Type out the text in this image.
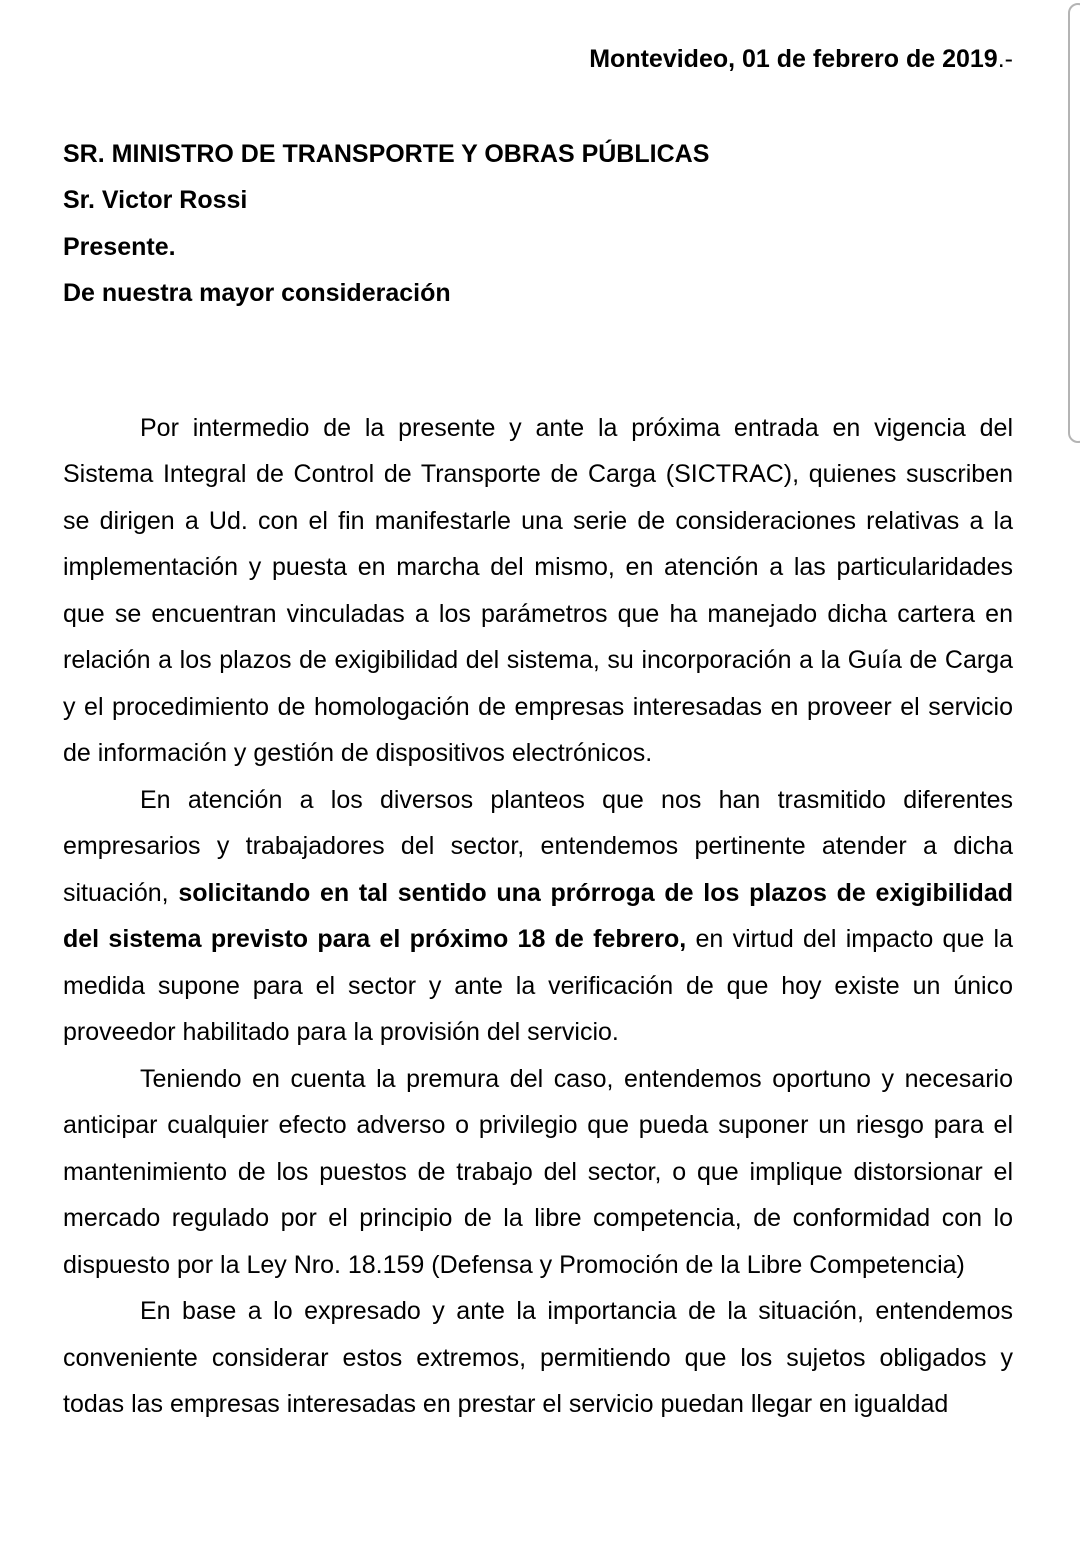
Montevideo, 01 de febrero de 2019.-

SR. MINISTRO DE TRANSPORTE Y OBRAS PÚBLICAS
Sr. Victor Rossi
Presente.
De nuestra mayor consideración

Por intermedio de la presente y ante la próxima entrada en vigencia del Sistema Integral de Control de Transporte de Carga (SICTRAC), quienes suscriben se dirigen a Ud. con el fin manifestarle una serie de consideraciones relativas a la implementación y puesta en marcha del mismo, en atención a las particularidades que se encuentran vinculadas a los parámetros que ha manejado dicha cartera en relación a los plazos de exigibilidad del sistema, su incorporación a la Guía de Carga y el procedimiento de homologación de empresas interesadas en proveer el servicio de información y gestión de dispositivos electrónicos.

En atención a los diversos planteos que nos han trasmitido diferentes empresarios y trabajadores del sector, entendemos pertinente atender a dicha situación, solicitando en tal sentido una prórroga de los plazos de exigibilidad del sistema previsto para el próximo 18 de febrero, en virtud del impacto que la medida supone para el sector y ante la verificación de que hoy existe un único proveedor habilitado para la provisión del servicio.

Teniendo en cuenta la premura del caso, entendemos oportuno y necesario anticipar cualquier efecto adverso o privilegio que pueda suponer un riesgo para el mantenimiento de los puestos de trabajo del sector, o que implique distorsionar el mercado regulado por el principio de la libre competencia, de conformidad con lo dispuesto por la Ley Nro. 18.159 (Defensa y Promoción de la Libre Competencia)

En base a lo expresado y ante la importancia de la situación, entendemos conveniente considerar estos extremos, permitiendo que los sujetos obligados y todas las empresas interesadas en prestar el servicio puedan llegar en igualdad
